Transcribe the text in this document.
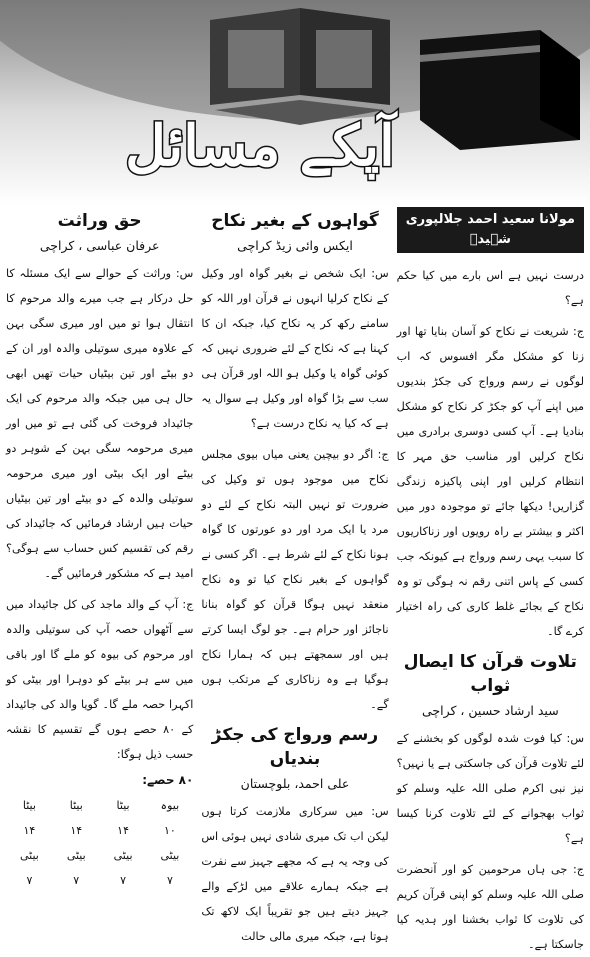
آپکے مسائل
حق وراثت
عرفان عباسی ، کراچی

س: وراثت کے حوالے سے ایک مسئلہ کا حل درکار ہے جب میرے والد مرحوم کا انتقال ہوا تو میں اور میری سگی بہن کے علاوہ میری سوتیلی والدہ اور ان کے دو بیٹے اور تین بیٹیاں حیات تھیں ابھی حال ہی میں جبکہ والد مرحوم کی ایک جائیداد فروخت کی گئی ہے تو میں اور میری مرحومہ سگی بہن کے شوہر دو بیٹے اور ایک بیٹی اور میری مرحومہ سوتیلی والدہ کے دو بیٹے اور تین بیٹیاں حیات ہیں ارشاد فرمائیں کہ جائیداد کی رقم کی تقسیم کس حساب سے ہوگی؟ امید ہے کہ مشکور فرمائیں گے۔

ج: آپ کے والد ماجد کی کل جائیداد میں سے آٹھواں حصہ آپ کی سوتیلی والدہ اور مرحوم کی بیوہ کو ملے گا اور باقی میں سے ہر بیٹے کو دوہرا اور بیٹی کو اکہرا حصہ ملے گا۔ گویا والد کی جائیداد کے ۸۰ حصے ہوں گے تقسیم کا نقشہ حسب ذیل ہوگا:

۸۰ حصے:
بیوہ	بیٹا	بیٹا	بیٹا
۱۰	۱۴	۱۴	۱۴
بیٹی	بیٹی	بیٹی	بیٹی
۷	۷	۷	۷
گواہوں کے بغیر نکاح
ایکس وائی زیڈ کراچی

س: ایک شخص نے بغیر گواہ اور وکیل کے نکاح کرلیا انہوں نے قرآن اور اللہ کو سامنے رکھ کر یہ نکاح کیا، جبکہ ان کا کہنا ہے کہ نکاح کے لئے ضروری نہیں کہ کوئی گواہ یا وکیل ہو اللہ اور قرآن ہی سب سے بڑا گواہ اور وکیل ہے سوال یہ ہے کہ کیا یہ نکاح درست ہے؟

ج: اگر دو بیچین یعنی میاں بیوی مجلس نکاح میں موجود ہوں تو وکیل کی ضرورت تو نہیں البتہ نکاح کے لئے دو مرد یا ایک مرد اور دو عورتوں کا گواہ ہونا نکاح کے لئے شرط ہے۔ اگر کسی نے گواہوں کے بغیر نکاح کیا تو وہ نکاح منعقد نہیں ہوگا قرآن کو گواہ بنانا ناجائز اور حرام ہے۔ جو لوگ ایسا کرتے ہیں اور سمجھتے ہیں کہ ہمارا نکاح ہوگیا ہے وہ زناکاری کے مرتکب ہوں گے۔

رسم ورواج کی جکڑ بندیاں
علی احمد، بلوچستان

س: میں سرکاری ملازمت کرتا ہوں لیکن اب تک میری شادی نہیں ہوئی اس کی وجہ یہ ہے کہ مجھے جہیز سے نفرت ہے جبکہ ہمارے علاقے میں لڑکے والے جہیز دیتے ہیں جو تقریباً ایک لاکھ تک ہوتا ہے، جبکہ میری مالی حالت

مولانا سعید احمد جلالپوری شہیدؒ

درست نہیں ہے اس بارے میں کیا حکم ہے؟

ج: شریعت نے نکاح کو آسان بنایا تھا اور زنا کو مشکل مگر افسوس کہ اب لوگوں نے رسم ورواج کی جکڑ بندیوں میں اپنے آپ کو جکڑ کر نکاح کو مشکل بنادیا ہے۔ آپ کسی دوسری برادری میں نکاح کرلیں اور مناسب حق مہر کا انتظام کرلیں اور اپنی پاکیزہ زندگی گزاریں! دیکھا جائے تو موجودہ دور میں اکثر و بیشتر بے راہ رویوں اور زناکاریوں کا سبب یہی رسم ورواج ہے کیونکہ جب کسی کے پاس اتنی رقم نہ ہوگی تو وہ نکاح کے بجائے غلط کاری کی راہ اختیار کرے گا۔

تلاوت قرآن کا ایصال ثواب
سید ارشاد حسین ، کراچی

س: کیا فوت شدہ لوگوں کو بخشنے کے لئے تلاوت قرآن کی جاسکتی ہے یا نہیں؟ نیز نبی اکرم صلی اللہ علیہ وسلم کو ثواب بھجوانے کے لئے تلاوت کرنا کیسا ہے؟

ج: جی ہاں مرحومین کو اور آنحضرت صلی اللہ علیہ وسلم کو اپنی قرآن کریم کی تلاوت کا ثواب بخشنا اور ہدیہ کیا جاسکتا ہے۔
